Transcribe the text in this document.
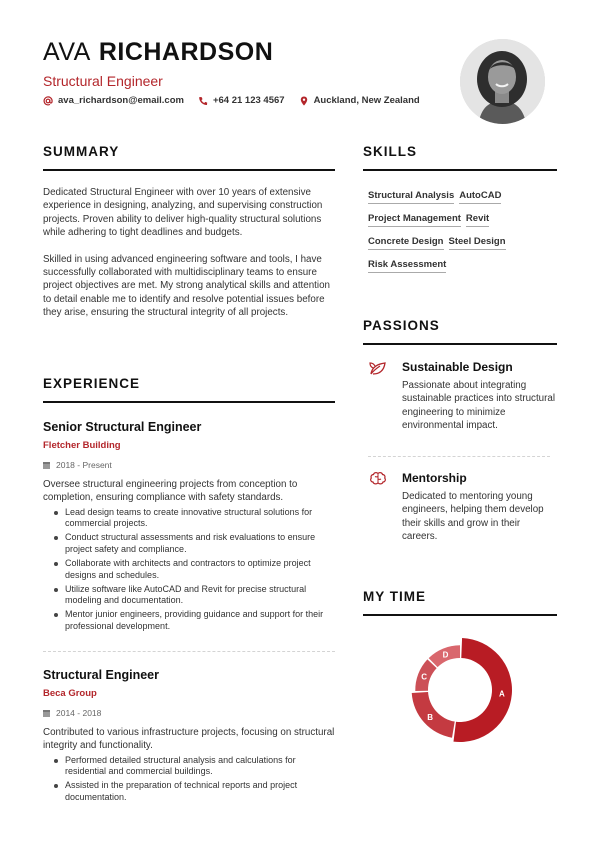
AVA RICHARDSON
Structural Engineer
ava_richardson@email.com	+64 21 123 4567	Auckland, New Zealand
SUMMARY

Dedicated Structural Engineer with over 10 years of extensive experience in designing, analyzing, and supervising construction projects. Proven ability to deliver high-quality structural solutions while adhering to tight deadlines and budgets.

Skilled in using advanced engineering software and tools, I have successfully collaborated with multidisciplinary teams to ensure project objectives are met. My strong analytical skills and attention to detail enable me to identify and resolve potential issues before they arise, ensuring the structural integrity of all projects.

EXPERIENCE
Senior Structural Engineer
Fletcher Building
2018 - Present
Oversee structural engineering projects from conception to completion, ensuring compliance with safety standards.
Lead design teams to create innovative structural solutions for commercial projects.
Conduct structural assessments and risk evaluations to ensure project safety and compliance.
Collaborate with architects and contractors to optimize project designs and schedules.
Utilize software like AutoCAD and Revit for precise structural modeling and documentation.
Mentor junior engineers, providing guidance and support for their professional development.
Structural Engineer
Beca Group
2014 - 2018
Contributed to various infrastructure projects, focusing on structural integrity and functionality.
Performed detailed structural analysis and calculations for residential and commercial buildings.
Assisted in the preparation of technical reports and project documentation.
SKILLS
Structural Analysis AutoCAD
Project Management Revit
Concrete Design Steel Design
Risk Assessment
PASSIONS
Sustainable Design
Passionate about integrating sustainable practices into structural engineering to minimize environmental impact.
Mentorship
Dedicated to mentoring young engineers, helping them develop their skills and grow in their careers.
MY TIME
A
B
C
D
